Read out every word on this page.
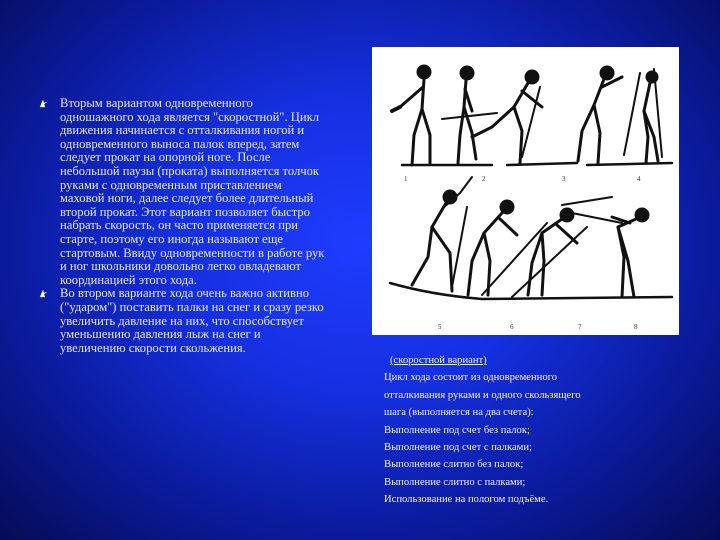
Вторым вариантом одновременного одношажного хода является "скоростной". Цикл движения начинается с отталкивания ногой и одновременного выноса палок вперед, затем следует прокат на опорной ноге. После небольшой паузы (проката) выполняется толчок руками с одновременным приставлением маховой ноги, далее следует более длительный второй прокат. Этот вариант позволяет быстро набрать скорость, он часто применяется при старте, поэтому его иногда называют еще стартовым. Ввиду одновременности в работе рук и ног школьники довольно легко овладевают координацией этого хода.
Во втором варианте хода очень важно активно ("ударом") поставить палки на снег и сразу резко увеличить давление на них, что способствует уменьшению давления лыж на снег и увеличению скорости скольжения.
1	2	3	4
5	6	7	8

(скоростной вариант)

Цикл хода состоит из одновременного

отталкивания руками и одного скользящего

шага (выполняется на два счета):

Выполнение под счет без палок;

Выполнение под счет с палками;

Выполнение слитно без палок;

Выполнение слитно с палками;

Использование на пологом подъёме.
